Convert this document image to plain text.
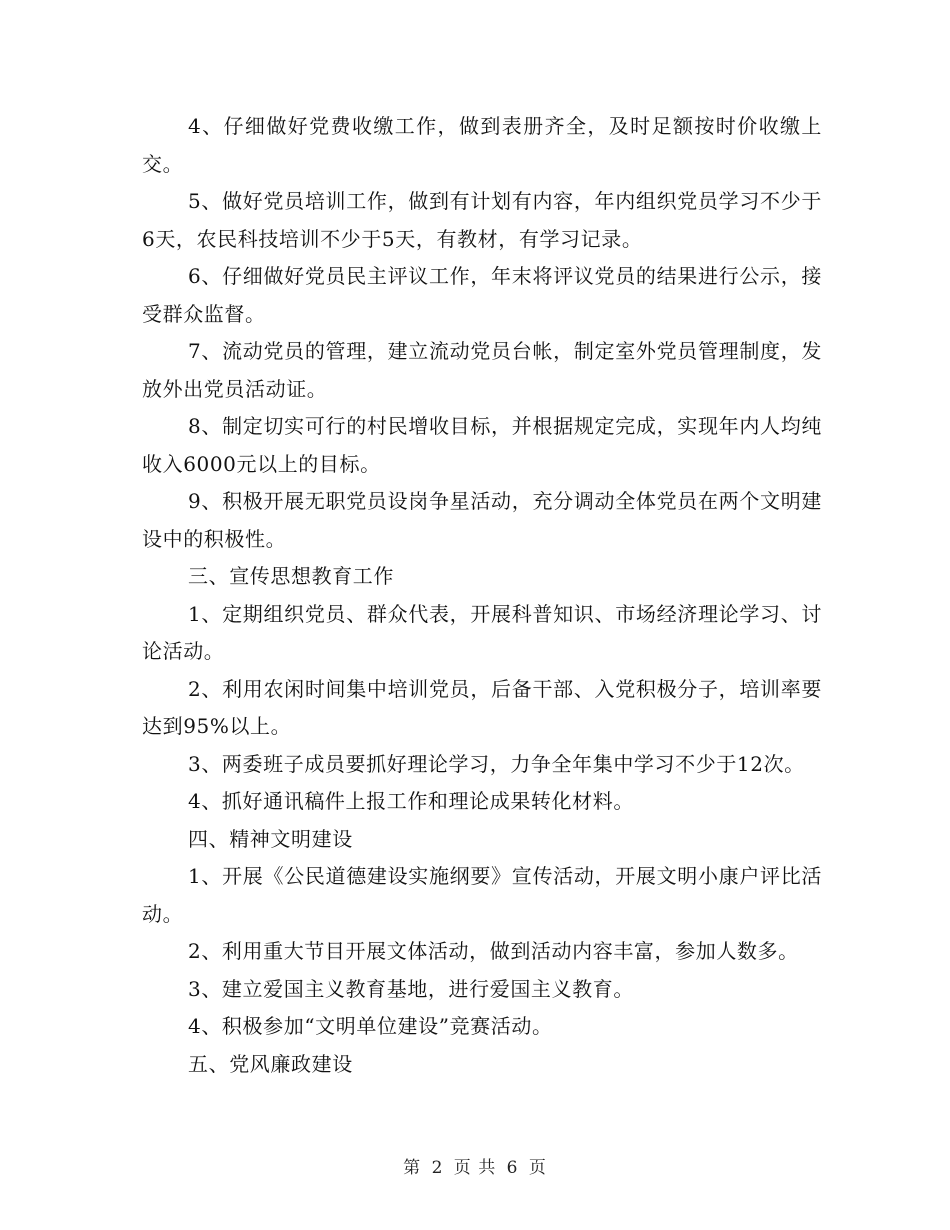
4、仔细做好党费收缴工作，做到表册齐全，及时足额按时价收缴上交。

5、做好党员培训工作，做到有计划有内容，年内组织党员学习不少于6天，农民科技培训不少于5天，有教材，有学习记录。

6、仔细做好党员民主评议工作，年末将评议党员的结果进行公示，接受群众监督。

7、流动党员的管理，建立流动党员台帐，制定室外党员管理制度，发放外出党员活动证。

8、制定切实可行的村民增收目标，并根据规定完成，实现年内人均纯收入6000元以上的目标。

9、积极开展无职党员设岗争星活动，充分调动全体党员在两个文明建设中的积极性。

三、宣传思想教育工作

1、定期组织党员、群众代表，开展科普知识、市场经济理论学习、讨论活动。

2、利用农闲时间集中培训党员，后备干部、入党积极分子，培训率要达到95%以上。

3、两委班子成员要抓好理论学习，力争全年集中学习不少于12次。

4、抓好通讯稿件上报工作和理论成果转化材料。

四、精神文明建设

1、开展《公民道德建设实施纲要》宣传活动，开展文明小康户评比活动。

2、利用重大节目开展文体活动，做到活动内容丰富，参加人数多。

3、建立爱国主义教育基地，进行爱国主义教育。

4、积极参加“文明单位建设”竞赛活动。

五、党风廉政建设

第 2 页 共 6 页
